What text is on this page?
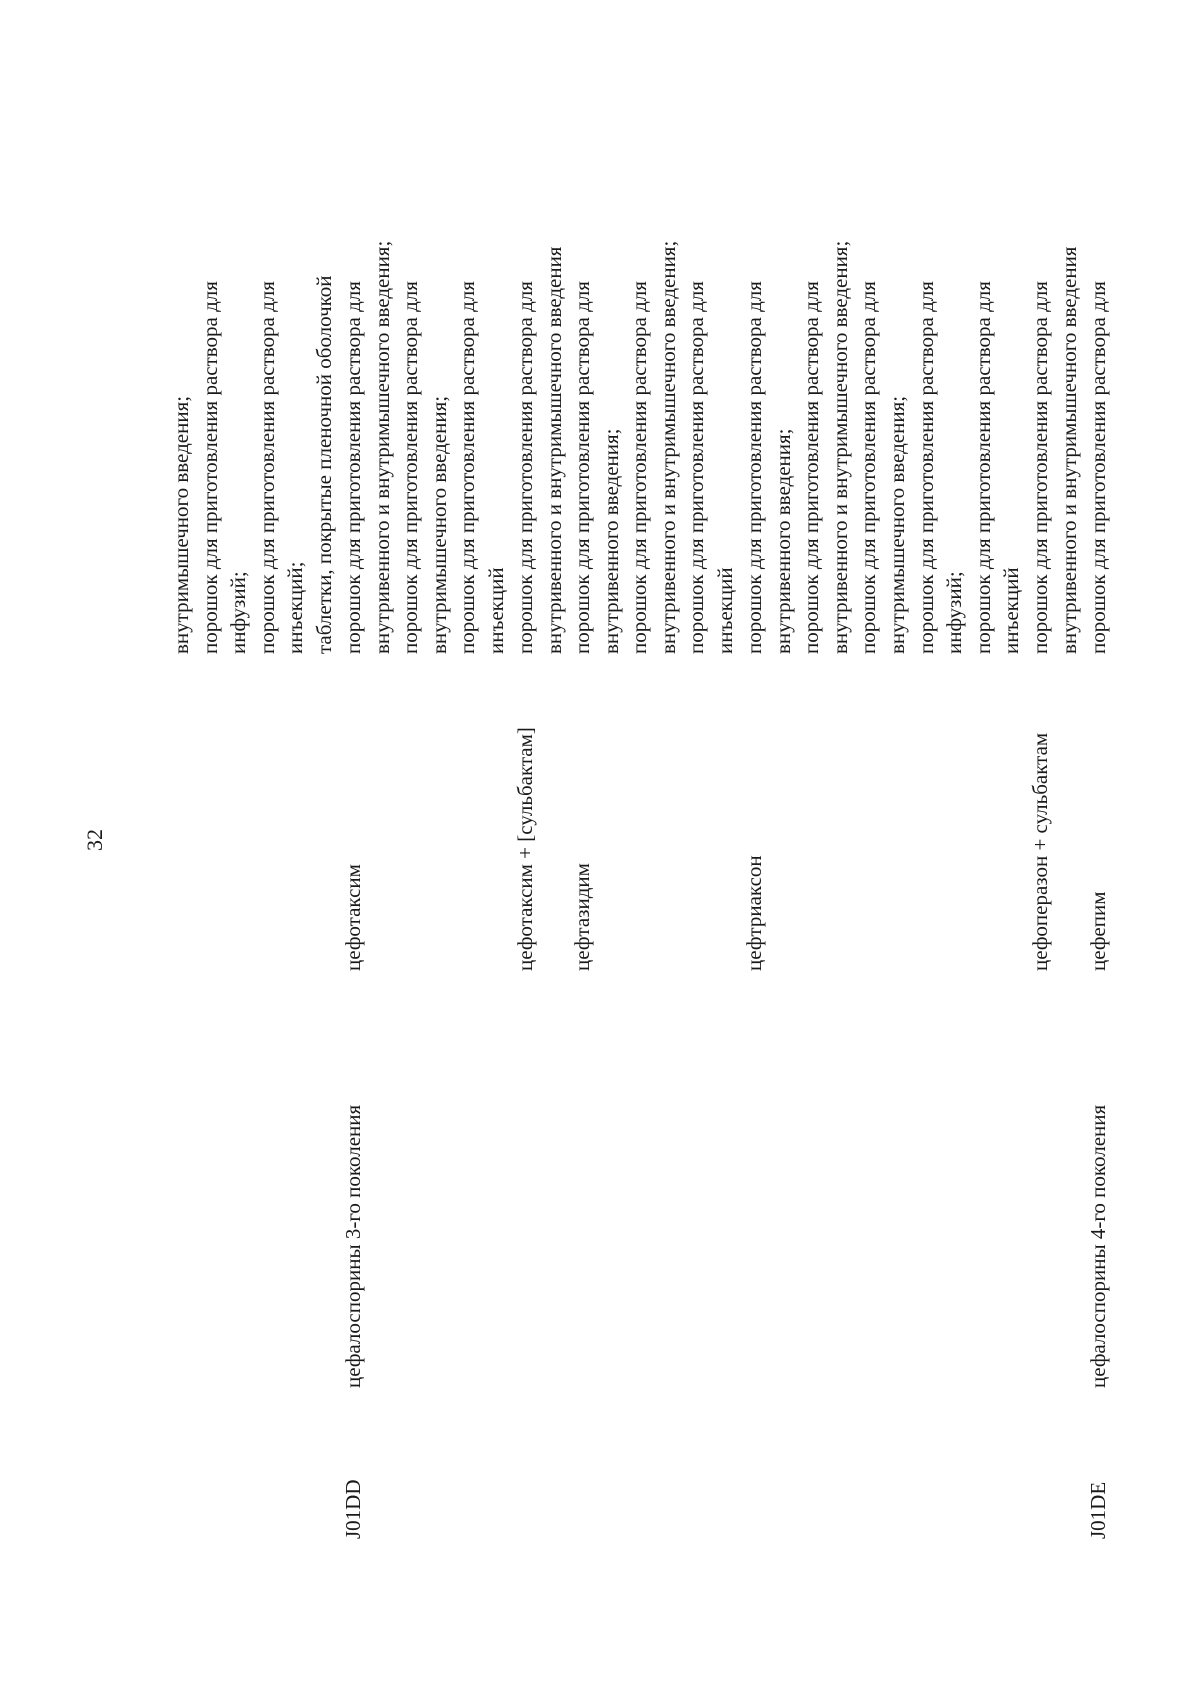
32
внутримышечного введения; порошок для приготовления раствора для инфузий; порошок для приготовления раствора для инъекций; таблетки, покрытые пленочной оболочкой
J01DD
цефалоспорины 3-го поколения
цефотаксим
порошок для приготовления раствора для внутривенного и внутримышечного введения; порошок для приготовления раствора для внутримышечного введения; порошок для приготовления раствора для инъекций
цефотаксим + [сульбактам]
порошок для приготовления раствора для внутривенного и внутримышечного введения
цефтазидим
порошок для приготовления раствора для внутривенного введения; порошок для приготовления раствора для внутривенного и внутримышечного введения; порошок для приготовления раствора для инъекций
цефтриаксон
порошок для приготовления раствора для внутривенного введения; порошок для приготовления раствора для внутривенного и внутримышечного введения; порошок для приготовления раствора для внутримышечного введения; порошок для приготовления раствора для инфузий; порошок для приготовления раствора для инъекций
цефоперазон + сульбактам
порошок для приготовления раствора для внутривенного и внутримышечного введения
J01DE
цефалоспорины 4-го поколения
цефепим
порошок для приготовления раствора для
